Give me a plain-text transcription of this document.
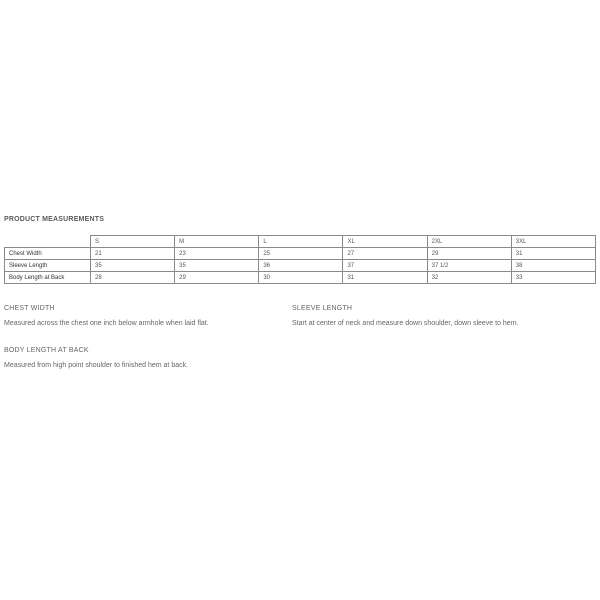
PRODUCT MEASUREMENTS
	S	M	L	XL	2XL	3XL
Chest Width	21	23	25	27	29	31
Sleeve Length	35	35	36	37	37 1/2	38
Body Length at Back	28	29	30	31	32	33
CHEST WIDTH
Measured across the chest one inch below armhole when laid flat.
SLEEVE LENGTH
Start at center of neck and measure down shoulder, down sleeve to hem.
BODY LENGTH AT BACK
Measured from high point shoulder to finished hem at back.
